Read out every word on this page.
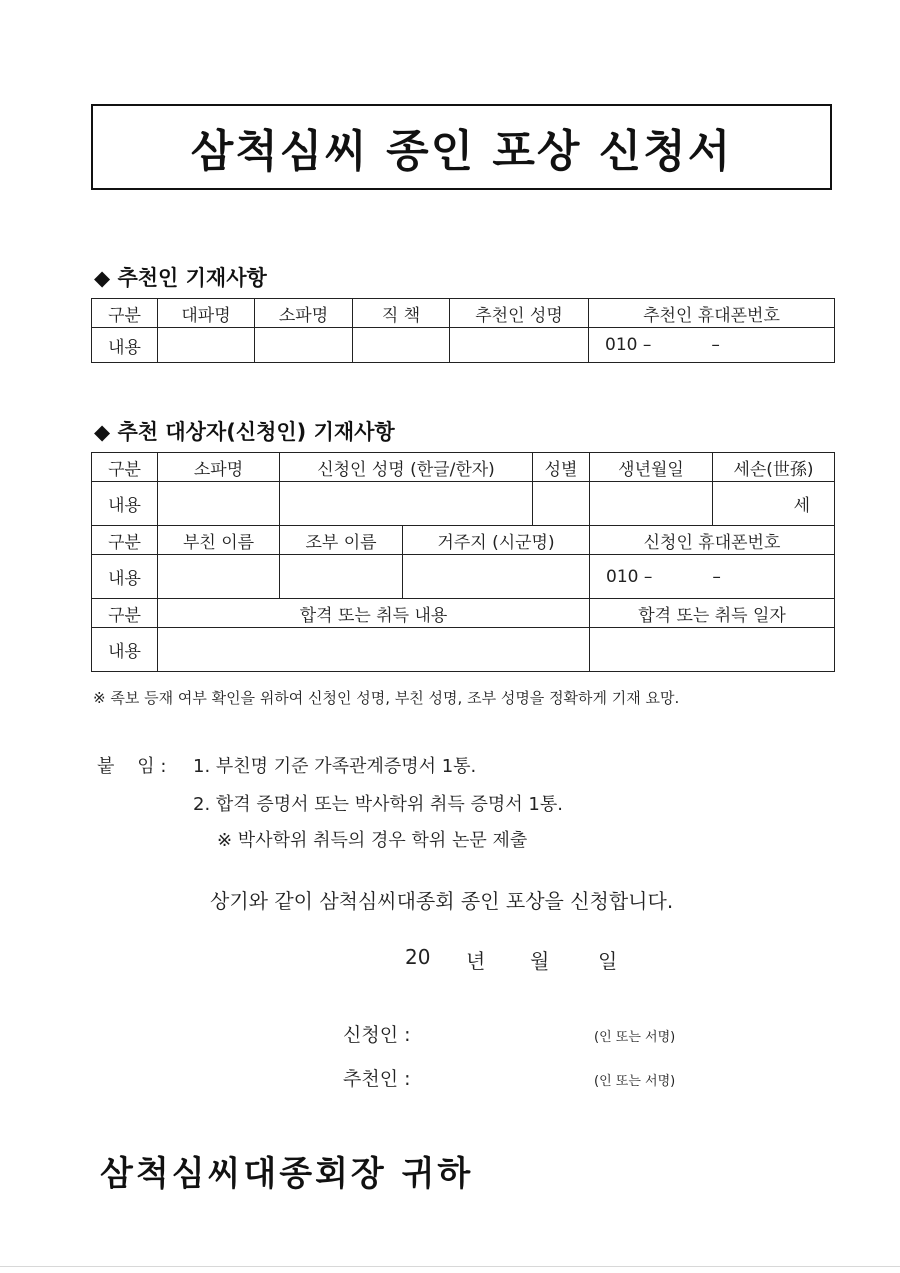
삼척심씨 종인 포상 신청서
◆ 추천인 기재사항
구분	대파명	소파명	직 책	추천인 성명	추천인 휴대폰번호
내용					010 – –
◆ 추천 대상자(신청인) 기재사항
구분	소파명	신청인 성명 (한글/한자)		성별	생년월일	세손(世孫)
내용						세
구분	부친 이름	조부 이름	거주지 (시군명)		신청인 휴대폰번호	
내용					010 – –	
구분	합격 또는 취득 내용				합격 또는 취득 일자	
내용						
※ 족보 등재 여부 확인을 위하여 신청인 성명, 부친 성명, 조부 성명을 정확하게 기재 요망.
붙    임 : 1. 부친명 기준 가족관계증명서 1통.
2. 합격 증명서 또는 박사학위 취득 증명서 1통.
※ 박사학위 취득의 경우 학위 논문 제출
상기와 같이 삼척심씨대종회 종인 포상을 신청합니다.
20 년 월 일
신청인 :	(인 또는 서명)
추천인 :	(인 또는 서명)
삼척심씨대종회장 귀하
